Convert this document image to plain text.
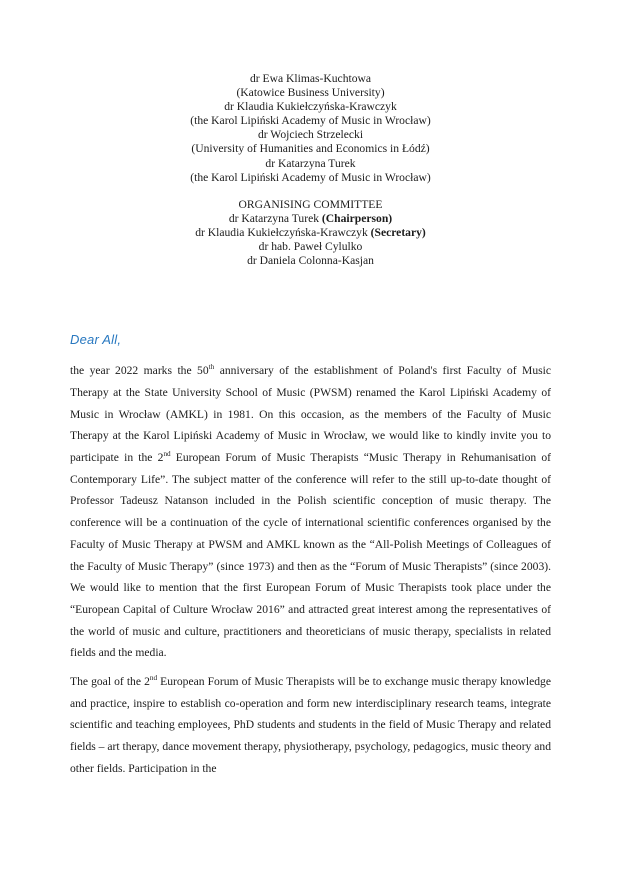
dr Ewa Klimas-Kuchtowa
(Katowice Business University)
dr Klaudia Kukiełczyńska-Krawczyk
(the Karol Lipiński Academy of Music in Wrocław)
dr Wojciech Strzelecki
(University of Humanities and Economics in Łódź)
dr Katarzyna Turek
(the Karol Lipiński Academy of Music in Wrocław)
ORGANISING COMMITTEE
dr Katarzyna Turek (Chairperson)
dr Klaudia Kukiełczyńska-Krawczyk (Secretary)
dr hab. Paweł Cylulko
dr Daniela Colonna-Kasjan
Dear All,

the year 2022 marks the 50th anniversary of the establishment of Poland's first Faculty of Music Therapy at the State University School of Music (PWSM) renamed the Karol Lipiński Academy of Music in Wrocław (AMKL) in 1981. On this occasion, as the members of the Faculty of Music Therapy at the Karol Lipiński Academy of Music in Wrocław, we would like to kindly invite you to participate in the 2nd European Forum of Music Therapists “Music Therapy in Rehumanisation of Contemporary Life”. The subject matter of the conference will refer to the still up-to-date thought of Professor Tadeusz Natanson included in the Polish scientific conception of music therapy. The conference will be a continuation of the cycle of international scientific conferences organised by the Faculty of Music Therapy at PWSM and AMKL known as the “All-Polish Meetings of Colleagues of the Faculty of Music Therapy” (since 1973) and then as the “Forum of Music Therapists” (since 2003). We would like to mention that the first European Forum of Music Therapists took place under the “European Capital of Culture Wrocław 2016” and attracted great interest among the representatives of the world of music and culture, practitioners and theoreticians of music therapy, specialists in related fields and the media.

The goal of the 2nd European Forum of Music Therapists will be to exchange music therapy knowledge and practice, inspire to establish co-operation and form new interdisciplinary research teams, integrate scientific and teaching employees, PhD students and students in the field of Music Therapy and related fields – art therapy, dance movement therapy, physiotherapy, psychology, pedagogics, music theory and other fields. Participation in the
